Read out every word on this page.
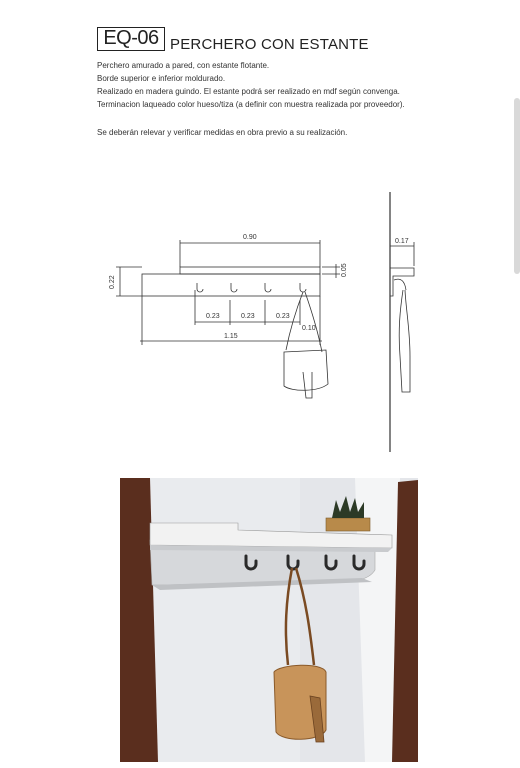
EQ-06 PERCHERO CON ESTANTE
Perchero amurado a pared, con estante flotante.
Borde superior e inferior moldurado.
Realizado en madera guindo. El estante podrá ser realizado en mdf según convenga.
Terminacion laqueado color hueso/tiza (a definir con muestra realizada por proveedor).
Se deberán relevar y verificar medidas en obra previo a su realización.
0.90
1.15
0.23	0.23	0.23
0.10
0.22
0.05
0.17
